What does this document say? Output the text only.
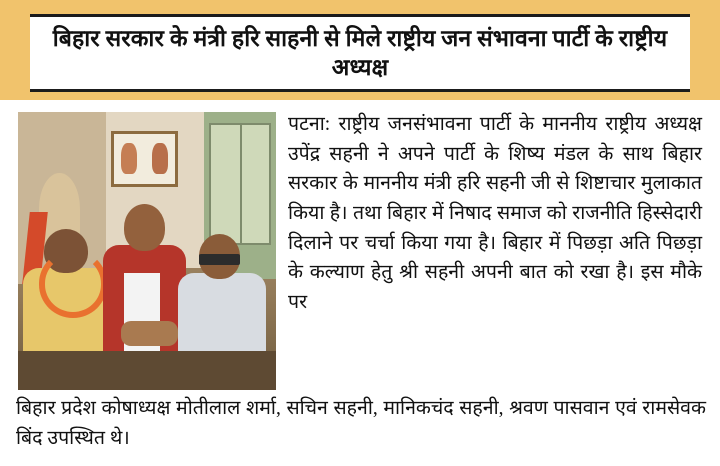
बिहार सरकार के मंत्री हरि साहनी से मिले राष्ट्रीय जन संभावना पार्टी के राष्ट्रीय अध्यक्ष

पटना: राष्ट्रीय जनसंभावना पार्टी के माननीय राष्ट्रीय अध्यक्ष उपेंद्र सहनी ने अपने पार्टी के शिष्य मंडल के साथ बिहार सरकार के माननीय मंत्री हरि सहनी जी से शिष्टाचार मुलाकात किया है। तथा बिहार में निषाद समाज को राजनीति हिस्सेदारी दिलाने पर चर्चा किया गया है। बिहार में पिछड़ा अति पिछड़ा के कल्याण हेतु श्री सहनी अपनी बात को रखा है। इस मौके पर

बिहार प्रदेश कोषाध्यक्ष मोतीलाल शर्मा, सचिन सहनी, मानिकचंद सहनी, श्रवण पासवान एवं रामसेवक बिंद उपस्थित थे।
